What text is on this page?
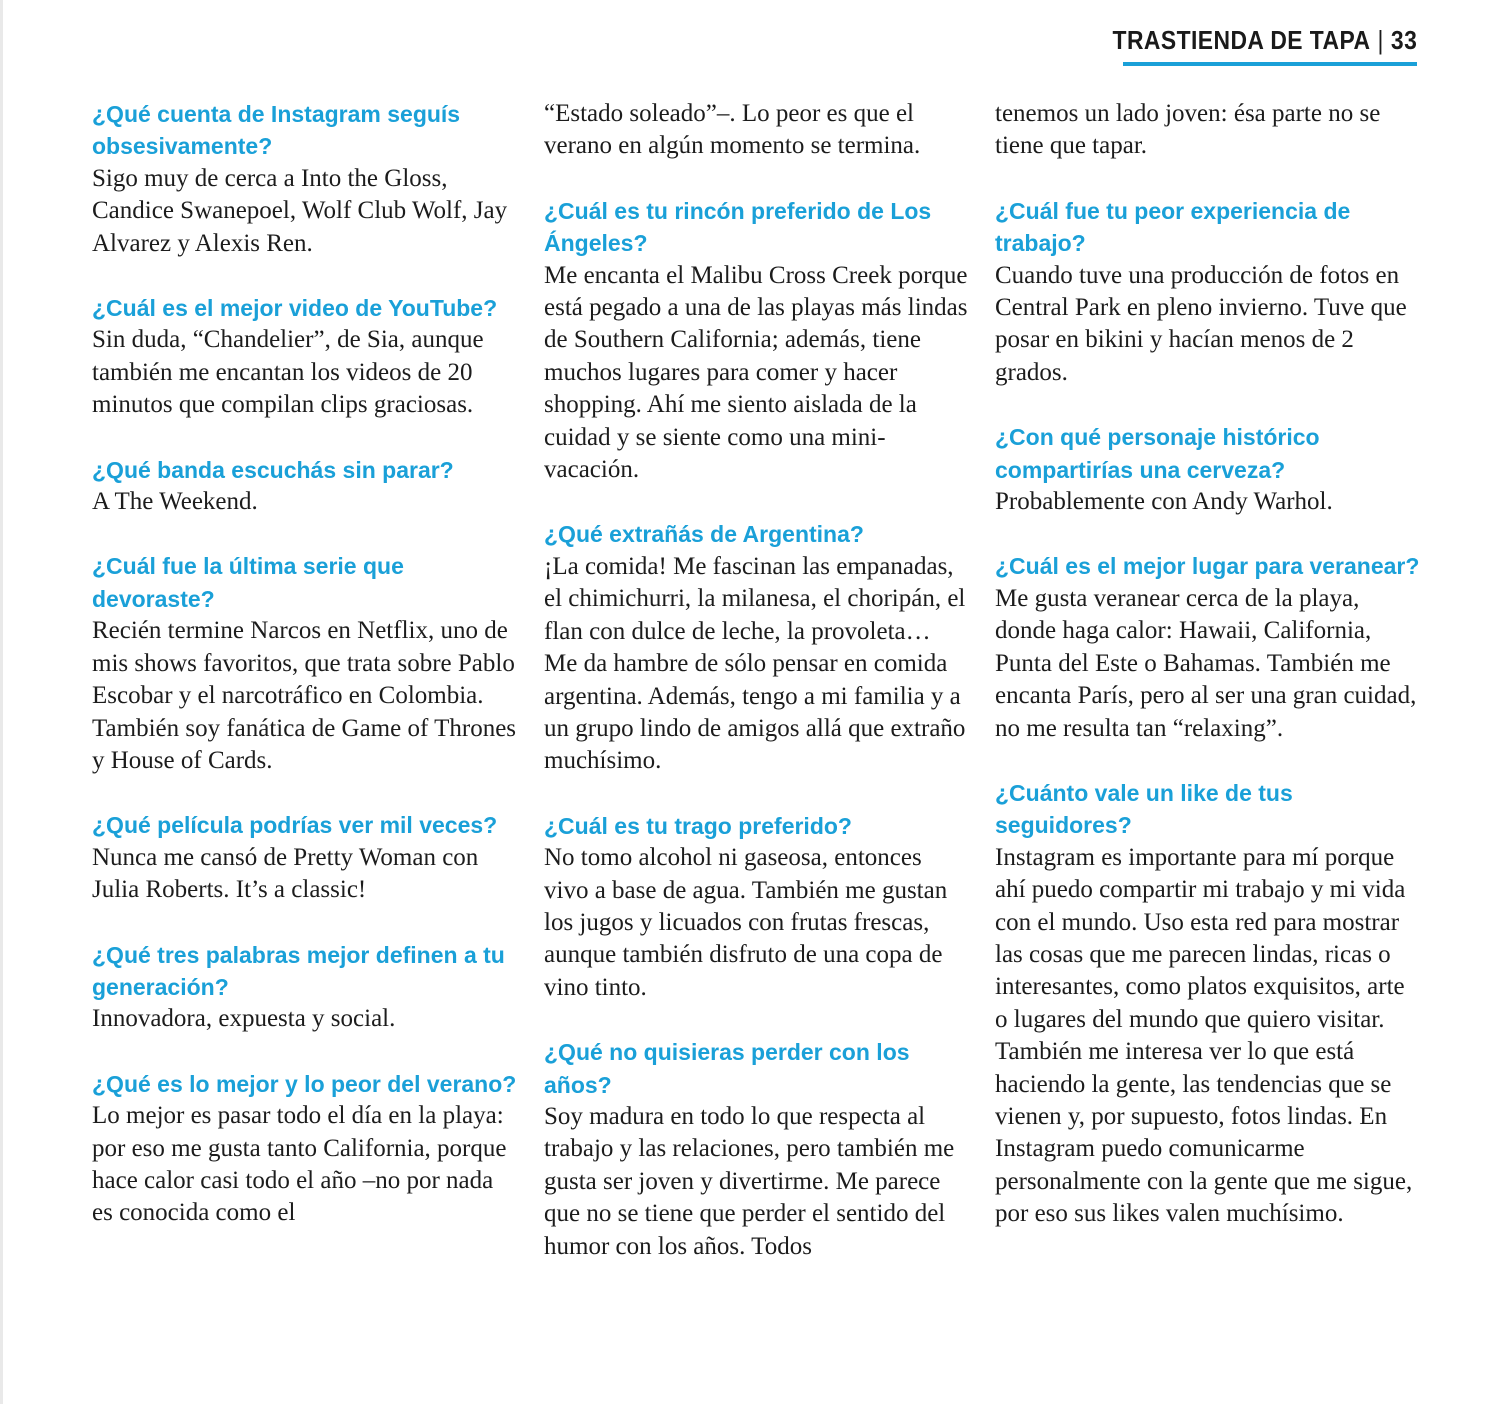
TRASTIENDA DE TAPA | 33

¿Qué cuenta de Instagram seguís obsesivamente?

Sigo muy de cerca a Into the Gloss, Candice Swanepoel, Wolf Club Wolf, Jay Alvarez y Alexis Ren.

¿Cuál es el mejor video de YouTube?

Sin duda, “Chandelier”, de Sia, aunque también me encantan los videos de 20 minutos que compilan clips graciosas.

¿Qué banda escuchás sin parar?

A The Weekend.

¿Cuál fue la última serie que devoraste?

Recién termine Narcos en Netflix, uno de mis shows favoritos, que trata sobre Pablo Escobar y el narcotráfico en Colombia. También soy fanática de Game of Thrones y House of Cards.

¿Qué película podrías ver mil veces?

Nunca me cansó de Pretty Woman con Julia Roberts. It’s a classic!

¿Qué tres palabras mejor definen a tu generación?

Innovadora, expuesta y social.

¿Qué es lo mejor y lo peor del verano?

Lo mejor es pasar todo el día en la playa: por eso me gusta tanto California, porque hace calor casi todo el año –no por nada es conocida como el

“Estado soleado”–. Lo peor es que el verano en algún momento se termina.

¿Cuál es tu rincón preferido de Los Ángeles?

Me encanta el Malibu Cross Creek porque está pegado a una de las playas más lindas de Southern California; además, tiene muchos lugares para comer y hacer shopping. Ahí me siento aislada de la cuidad y se siente como una mini-vacación.

¿Qué extrañás de Argentina?

¡La comida! Me fascinan las empanadas, el chimichurri, la milanesa, el choripán, el flan con dulce de leche, la provoleta… Me da hambre de sólo pensar en comida argentina. Además, tengo a mi familia y a un grupo lindo de amigos allá que extraño muchísimo.

¿Cuál es tu trago preferido?

No tomo alcohol ni gaseosa, entonces vivo a base de agua. También me gustan los jugos y licuados con frutas frescas, aunque también disfruto de una copa de vino tinto.

¿Qué no quisieras perder con los años?

Soy madura en todo lo que respecta al trabajo y las relaciones, pero también me gusta ser joven y divertirme. Me parece que no se tiene que perder el sentido del humor con los años. Todos

tenemos un lado joven: ésa parte no se tiene que tapar.

¿Cuál fue tu peor experiencia de trabajo?

Cuando tuve una producción de fotos en Central Park en pleno invierno. Tuve que posar en bikini y hacían menos de 2 grados.

¿Con qué personaje histórico compartirías una cerveza?

Probablemente con Andy Warhol.

¿Cuál es el mejor lugar para veranear?

Me gusta veranear cerca de la playa, donde haga calor: Hawaii, California, Punta del Este o Bahamas. También me encanta París, pero al ser una gran cuidad, no me resulta tan “relaxing”.

¿Cuánto vale un like de tus seguidores?

Instagram es importante para mí porque ahí puedo compartir mi trabajo y mi vida con el mundo. Uso esta red para mostrar las cosas que me parecen lindas, ricas o interesantes, como platos exquisitos, arte o lugares del mundo que quiero visitar. También me interesa ver lo que está haciendo la gente, las tendencias que se vienen y, por supuesto, fotos lindas. En Instagram puedo comunicarme personalmente con la gente que me sigue, por eso sus likes valen muchísimo.
